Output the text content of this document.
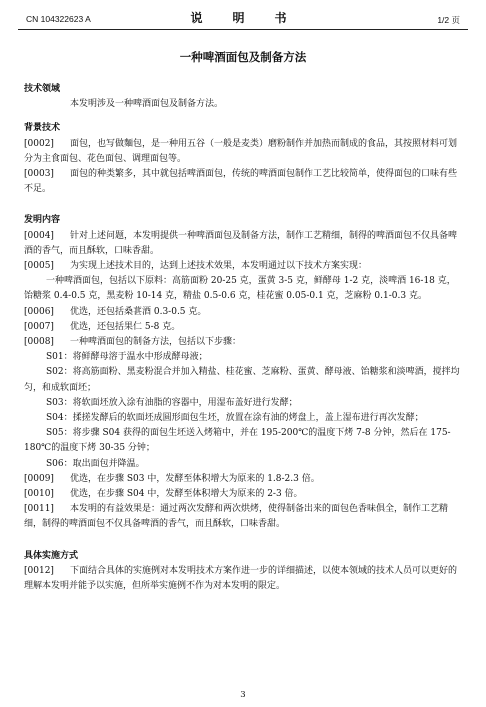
CN 104322623 A	说　明　书	1/2 页
一种啤酒面包及制备方法

技术领域

本发明涉及一种啤酒面包及制备方法。

背景技术

[0002] 面包，也写做麵包，是一种用五谷（一般是麦类）磨粉制作并加热而制成的食品，其按照材料可划分为主食面包、花色面包、调理面包等。

[0003] 面包的种类繁多，其中就包括啤酒面包，传统的啤酒面包制作工艺比较简单，使得面包的口味有些不足。

发明内容

[0004] 针对上述问题，本发明提供一种啤酒面包及制备方法，制作工艺精细，制得的啤酒面包不仅具备啤酒的香气，而且酥软，口味香甜。

[0005] 为实现上述技术目的，达到上述技术效果，本发明通过以下技术方案实现：

一种啤酒面包，包括以下原料：高筋面粉 20-25 克，蛋黄 3-5 克，鲜酵母 1-2 克，淡啤酒 16-18 克，饴糖浆 0.4-0.5 克，黑麦粉 10-14 克，精盐 0.5-0.6 克，桂花蜜 0.05-0.1 克，芝麻粉 0.1-0.3 克。

[0006] 优选，还包括桑葚酒 0.3-0.5 克。

[0007] 优选，还包括果仁 5-8 克。

[0008] 一种啤酒面包的制备方法，包括以下步骤：

S01：将鲜酵母溶于温水中形成酵母液；

S02：将高筋面粉、黑麦粉混合并加入精盐、桂花蜜、芝麻粉、蛋黄、酵母液、饴糖浆和淡啤酒，搅拌均匀，和成软面坯；

S03：将软面坯放入涂有油脂的容器中，用湿布盖好进行发酵；

S04：揉搓发酵后的软面坯成圆形面包生坯，放置在涂有油的烤盘上，盖上湿布进行再次发酵；

S05：将步骤 S04 获得的面包生坯送入烤箱中，并在 195-200℃的温度下烤 7-8 分钟，然后在 175-180℃的温度下烤 30-35 分钟；

S06：取出面包并降温。

[0009] 优选，在步骤 S03 中，发酵至体积增大为原来的 1.8-2.3 倍。

[0010] 优选，在步骤 S04 中，发酵至体积增大为原来的 2-3 倍。

[0011] 本发明的有益效果是：通过两次发酵和两次烘烤，使得制备出来的面包色香味俱全，制作工艺精细，制得的啤酒面包不仅具备啤酒的香气，而且酥软，口味香甜。

具体实施方式

[0012] 下面结合具体的实施例对本发明技术方案作进一步的详细描述，以使本领域的技术人员可以更好的理解本发明并能予以实施，但所举实施例不作为对本发明的限定。

3
